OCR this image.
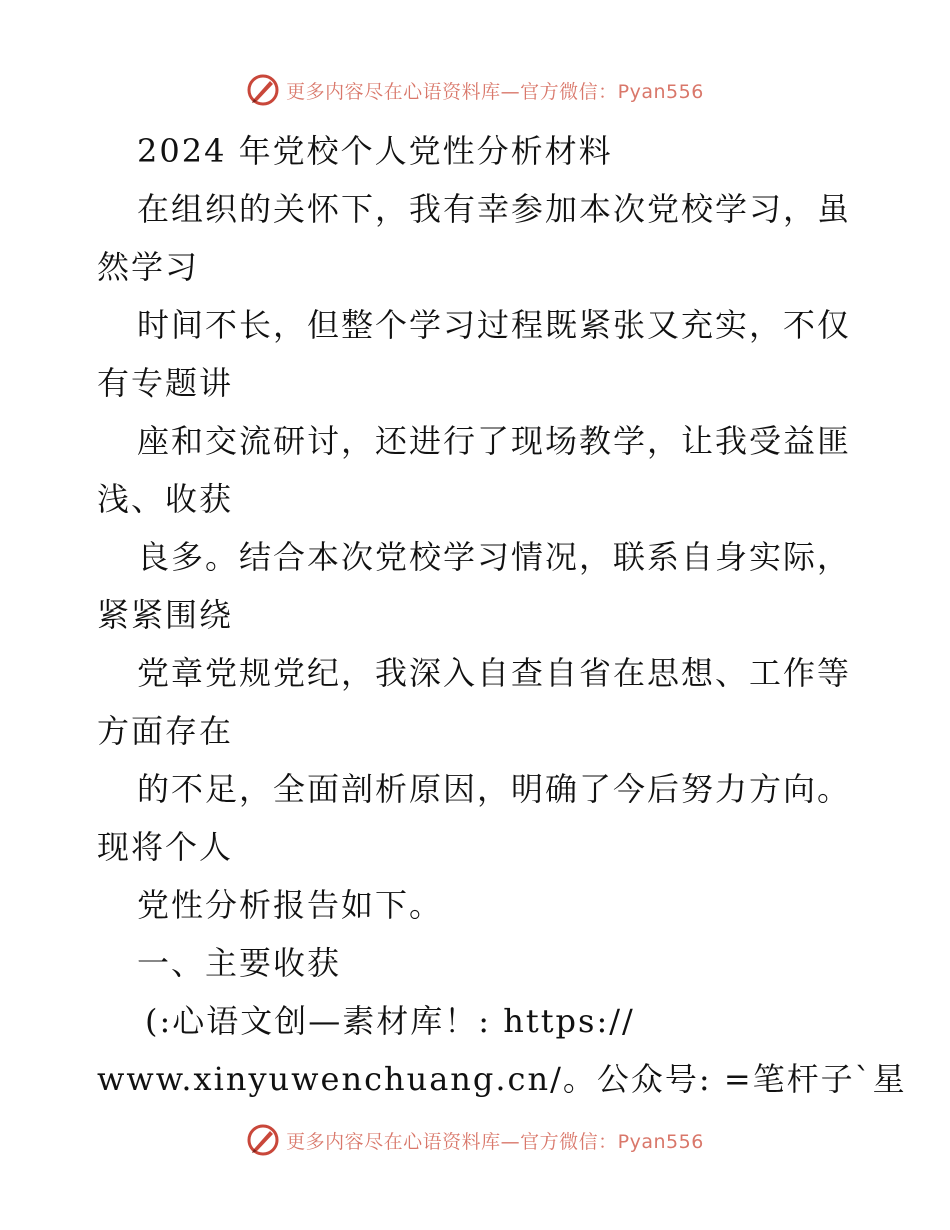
更多内容尽在心语资料库—官方微信：Pyan556
2024 年党校个人党性分析材料
在组织的关怀下，我有幸参加本次党校学习，虽
然学习
时间不长，但整个学习过程既紧张又充实，不仅
有专题讲
座和交流研讨，还进行了现场教学，让我受益匪
浅、收获
良多。结合本次党校学习情况，联系自身实际，
紧紧围绕
党章党规党纪，我深入自查自省在思想、工作等
方面存在
的不足，全面剖析原因，明确了今后努力方向。
现将个人
党性分析报告如下。
一、主要收获
(:心语文创—素材库！: https://
www.xinyuwenchuang.cn/。公众号: =笔杆子`星
更多内容尽在心语资料库—官方微信：Pyan556
